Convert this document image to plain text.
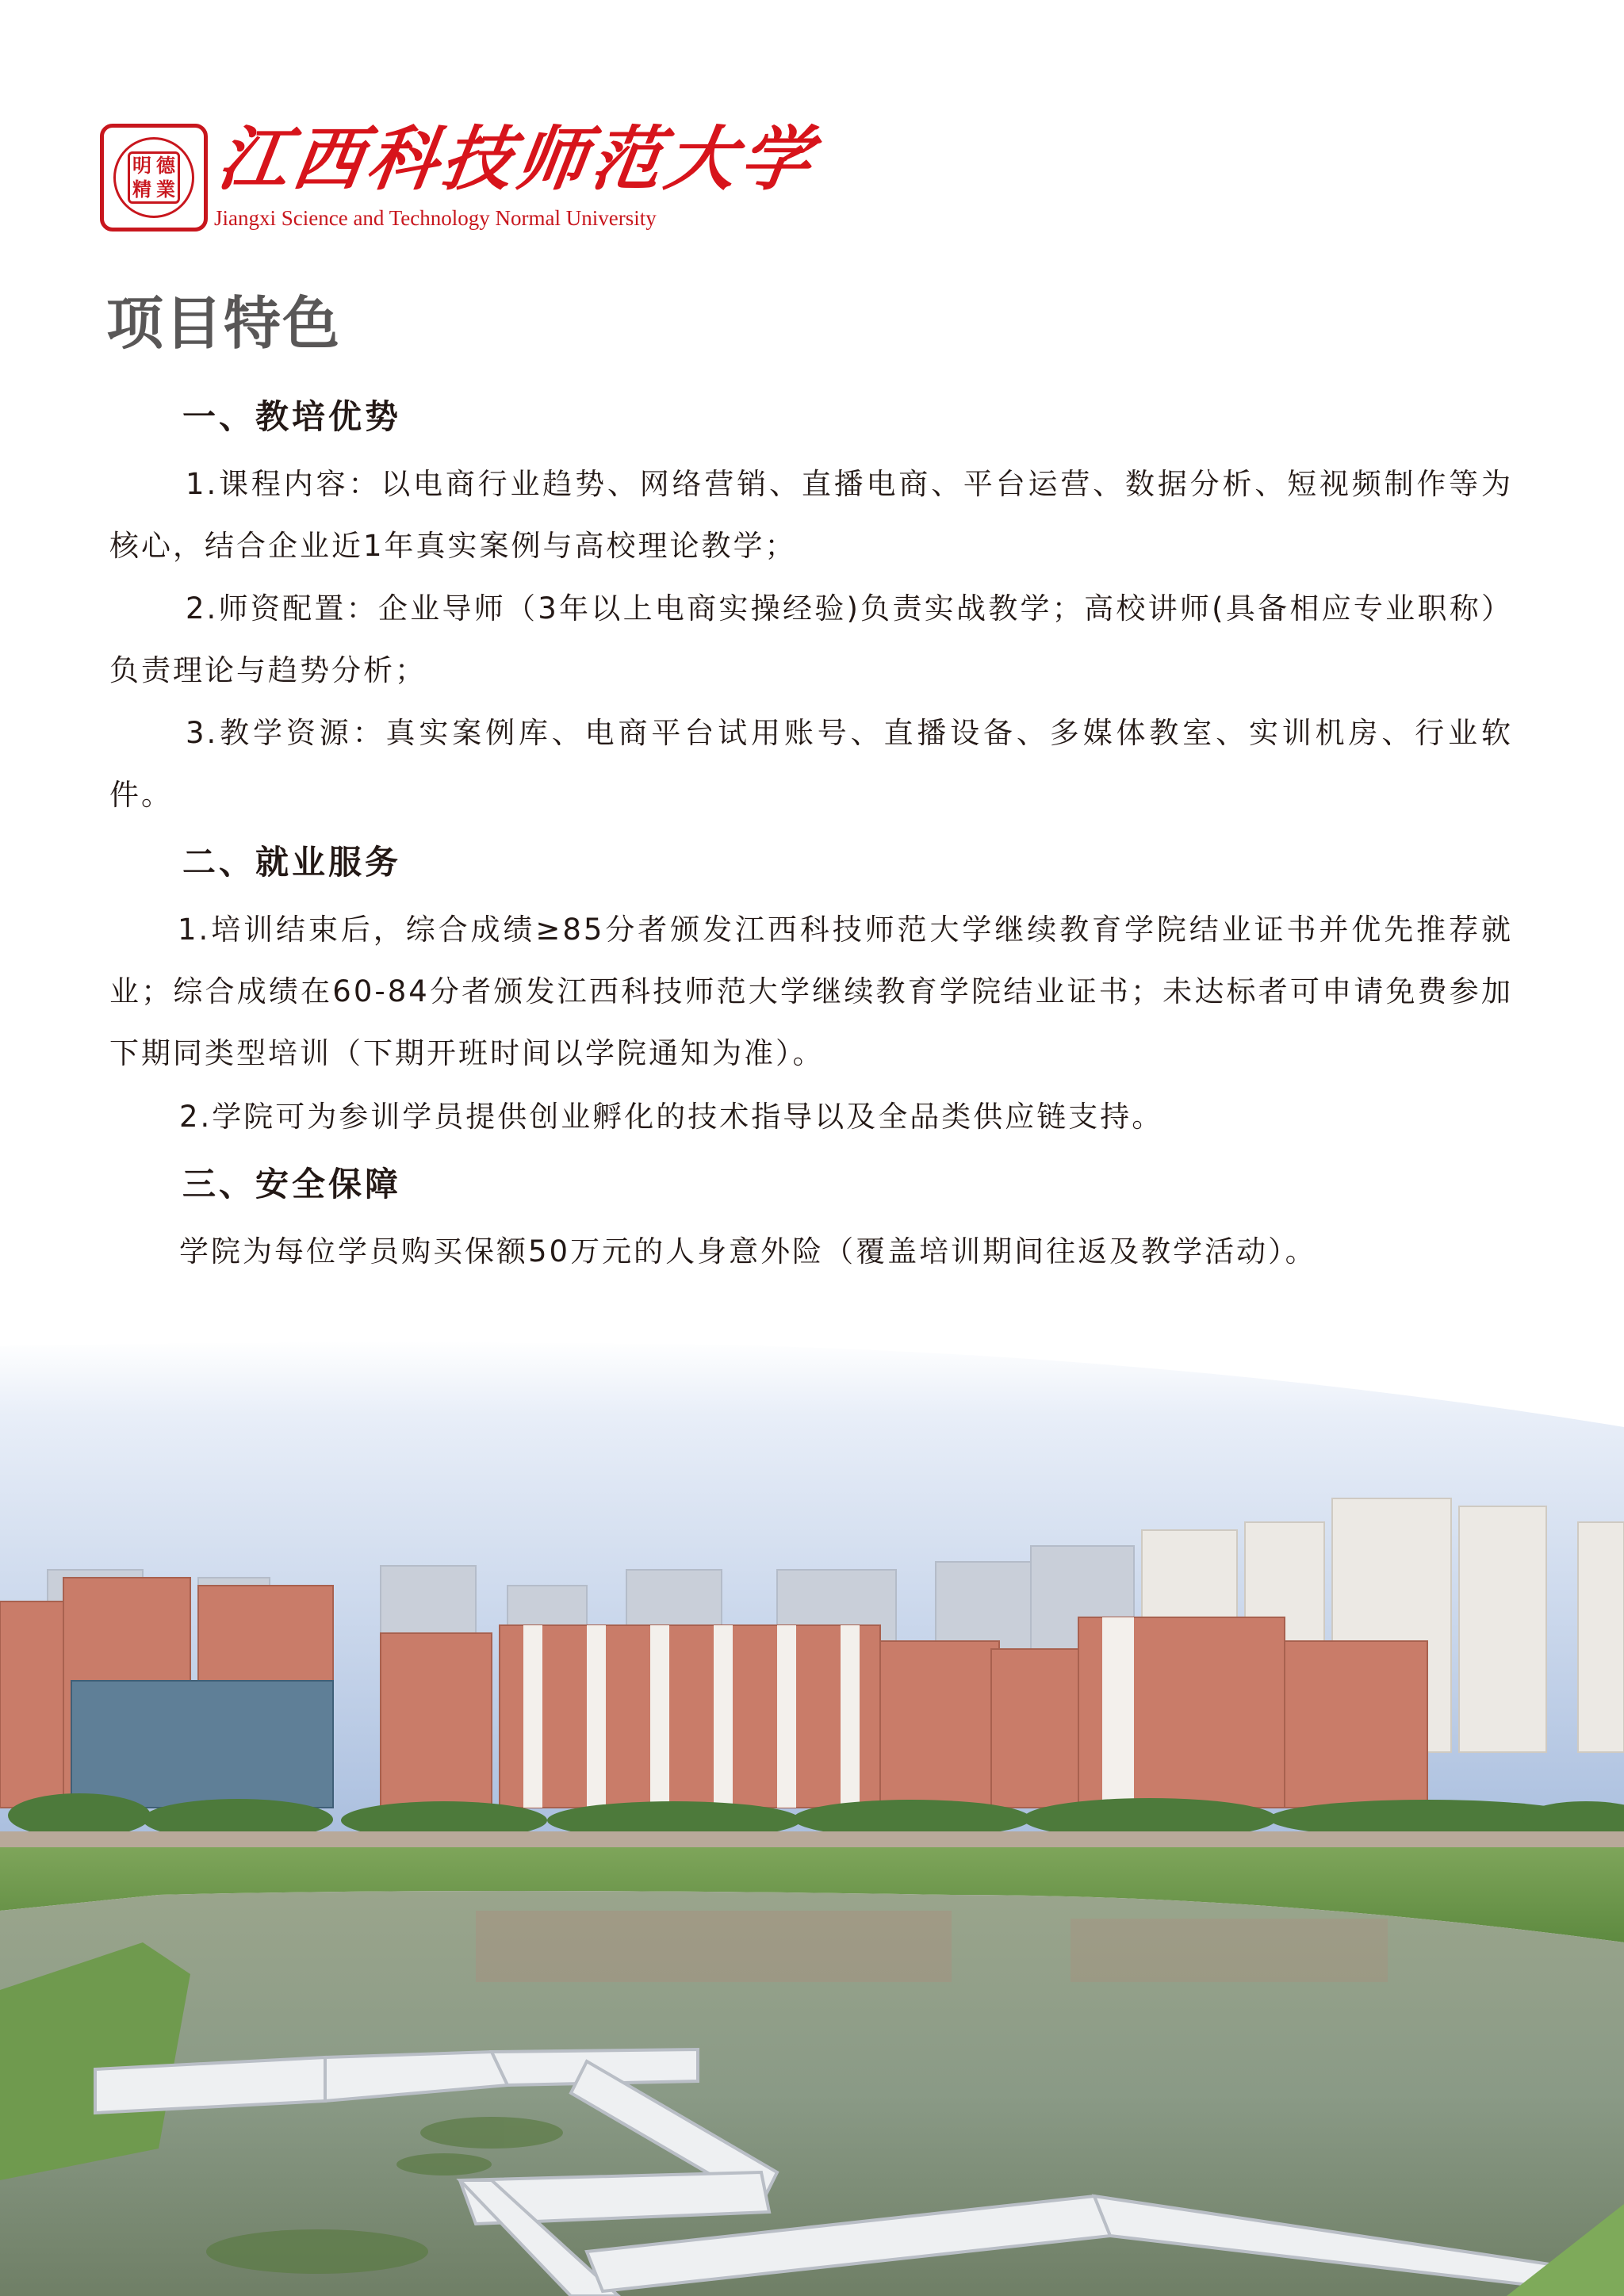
明 德
精 業 江西科技师范大学
Jiangxi Science and Technology Normal University
项目特色
一、教培优势
1.课程内容：以电商行业趋势、网络营销、直播电商、平台运营、数据分析、短视频制作等为核心，结合企业近1年真实案例与高校理论教学；
2.师资配置：企业导师（3年以上电商实操经验)负责实战教学；高校讲师(具备相应专业职称）负责理论与趋势分析；
3.教学资源：真实案例库、电商平台试用账号、直播设备、多媒体教室、实训机房、行业软件。
二、就业服务
1.培训结束后，综合成绩≥85分者颁发江西科技师范大学继续教育学院结业证书并优先推荐就业；综合成绩在60-84分者颁发江西科技师范大学继续教育学院结业证书；未达标者可申请免费参加下期同类型培训（下期开班时间以学院通知为准）。
2.学院可为参训学员提供创业孵化的技术指导以及全品类供应链支持。
三、安全保障
学院为每位学员购买保额50万元的人身意外险（覆盖培训期间往返及教学活动）。
